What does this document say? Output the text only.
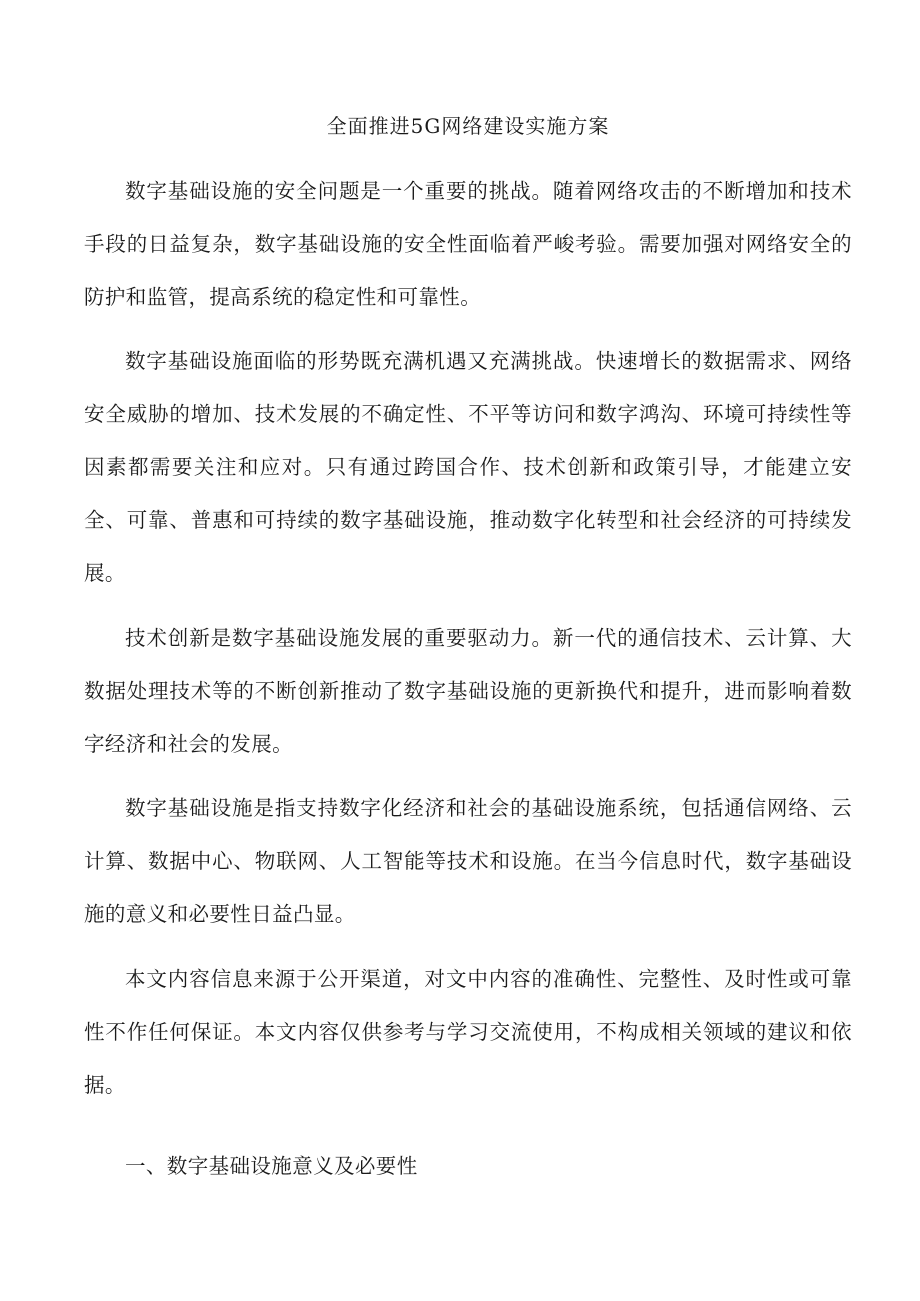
全面推进5G网络建设实施方案

数字基础设施的安全问题是一个重要的挑战。随着网络攻击的不断增加和技术手段的日益复杂，数字基础设施的安全性面临着严峻考验。需要加强对网络安全的防护和监管，提高系统的稳定性和可靠性。

数字基础设施面临的形势既充满机遇又充满挑战。快速增长的数据需求、网络安全威胁的增加、技术发展的不确定性、不平等访问和数字鸿沟、环境可持续性等因素都需要关注和应对。只有通过跨国合作、技术创新和政策引导，才能建立安全、可靠、普惠和可持续的数字基础设施，推动数字化转型和社会经济的可持续发展。

技术创新是数字基础设施发展的重要驱动力。新一代的通信技术、云计算、大数据处理技术等的不断创新推动了数字基础设施的更新换代和提升，进而影响着数字经济和社会的发展。

数字基础设施是指支持数字化经济和社会的基础设施系统，包括通信网络、云计算、数据中心、物联网、人工智能等技术和设施。在当今信息时代，数字基础设施的意义和必要性日益凸显。

本文内容信息来源于公开渠道，对文中内容的准确性、完整性、及时性或可靠性不作任何保证。本文内容仅供参考与学习交流使用，不构成相关领域的建议和依据。

一、数字基础设施意义及必要性
